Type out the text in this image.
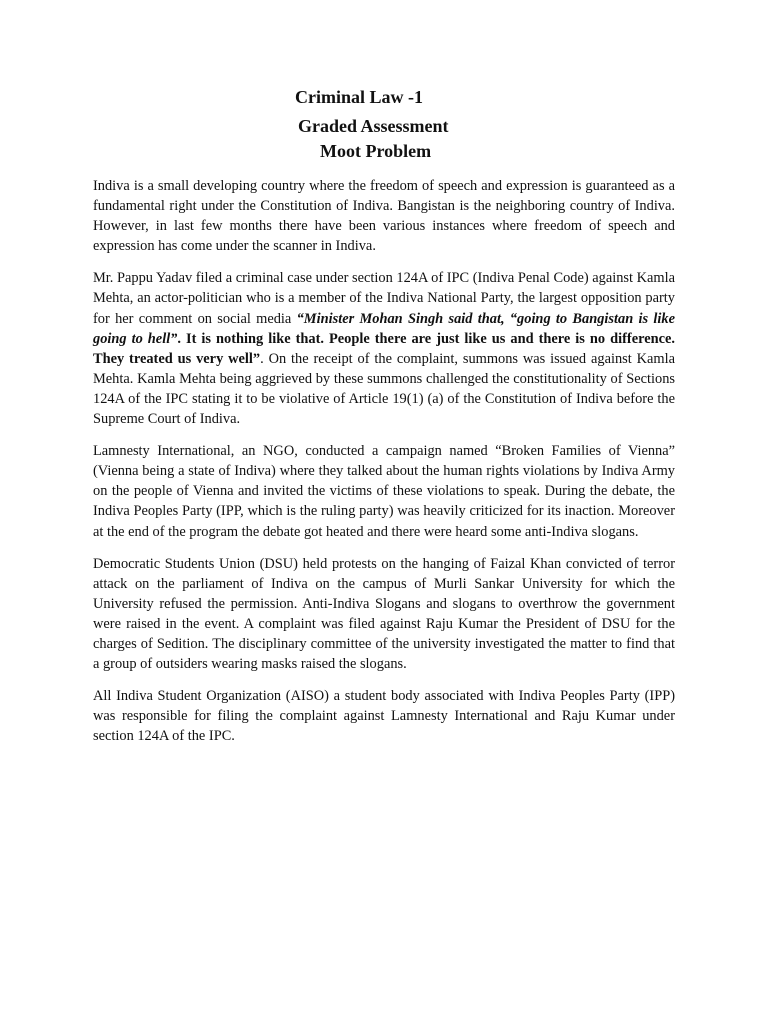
Criminal Law -1
Graded Assessment
Moot Problem

Indiva is a small developing country where the freedom of speech and expression is guaranteed as a fundamental right under the Constitution of Indiva. Bangistan is the neighboring country of Indiva. However, in last few months there have been various instances where freedom of speech and expression has come under the scanner in Indiva.

Mr. Pappu Yadav filed a criminal case under section 124A of IPC (Indiva Penal Code) against Kamla Mehta, an actor-politician who is a member of the Indiva National Party, the largest opposition party for her comment on social media “Minister Mohan Singh said that, “going to Bangistan is like going to hell”. It is nothing like that. People there are just like us and there is no difference. They treated us very well”. On the receipt of the complaint, summons was issued against Kamla Mehta. Kamla Mehta being aggrieved by these summons challenged the constitutionality of Sections 124A of the IPC stating it to be violative of Article 19(1) (a) of the Constitution of Indiva before the Supreme Court of Indiva.

Lamnesty International, an NGO, conducted a campaign named “Broken Families of Vienna” (Vienna being a state of Indiva) where they talked about the human rights violations by Indiva Army on the people of Vienna and invited the victims of these violations to speak. During the debate, the Indiva Peoples Party (IPP, which is the ruling party) was heavily criticized for its inaction. Moreover at the end of the program the debate got heated and there were heard some anti-Indiva slogans.

Democratic Students Union (DSU) held protests on the hanging of Faizal Khan convicted of terror attack on the parliament of Indiva on the campus of Murli Sankar University for which the University refused the permission. Anti-Indiva Slogans and slogans to overthrow the government were raised in the event. A complaint was filed against Raju Kumar the President of DSU for the charges of Sedition. The disciplinary committee of the university investigated the matter to find that a group of outsiders wearing masks raised the slogans.

All Indiva Student Organization (AISO) a student body associated with Indiva Peoples Party (IPP) was responsible for filing the complaint against Lamnesty International and Raju Kumar under section 124A of the IPC.
